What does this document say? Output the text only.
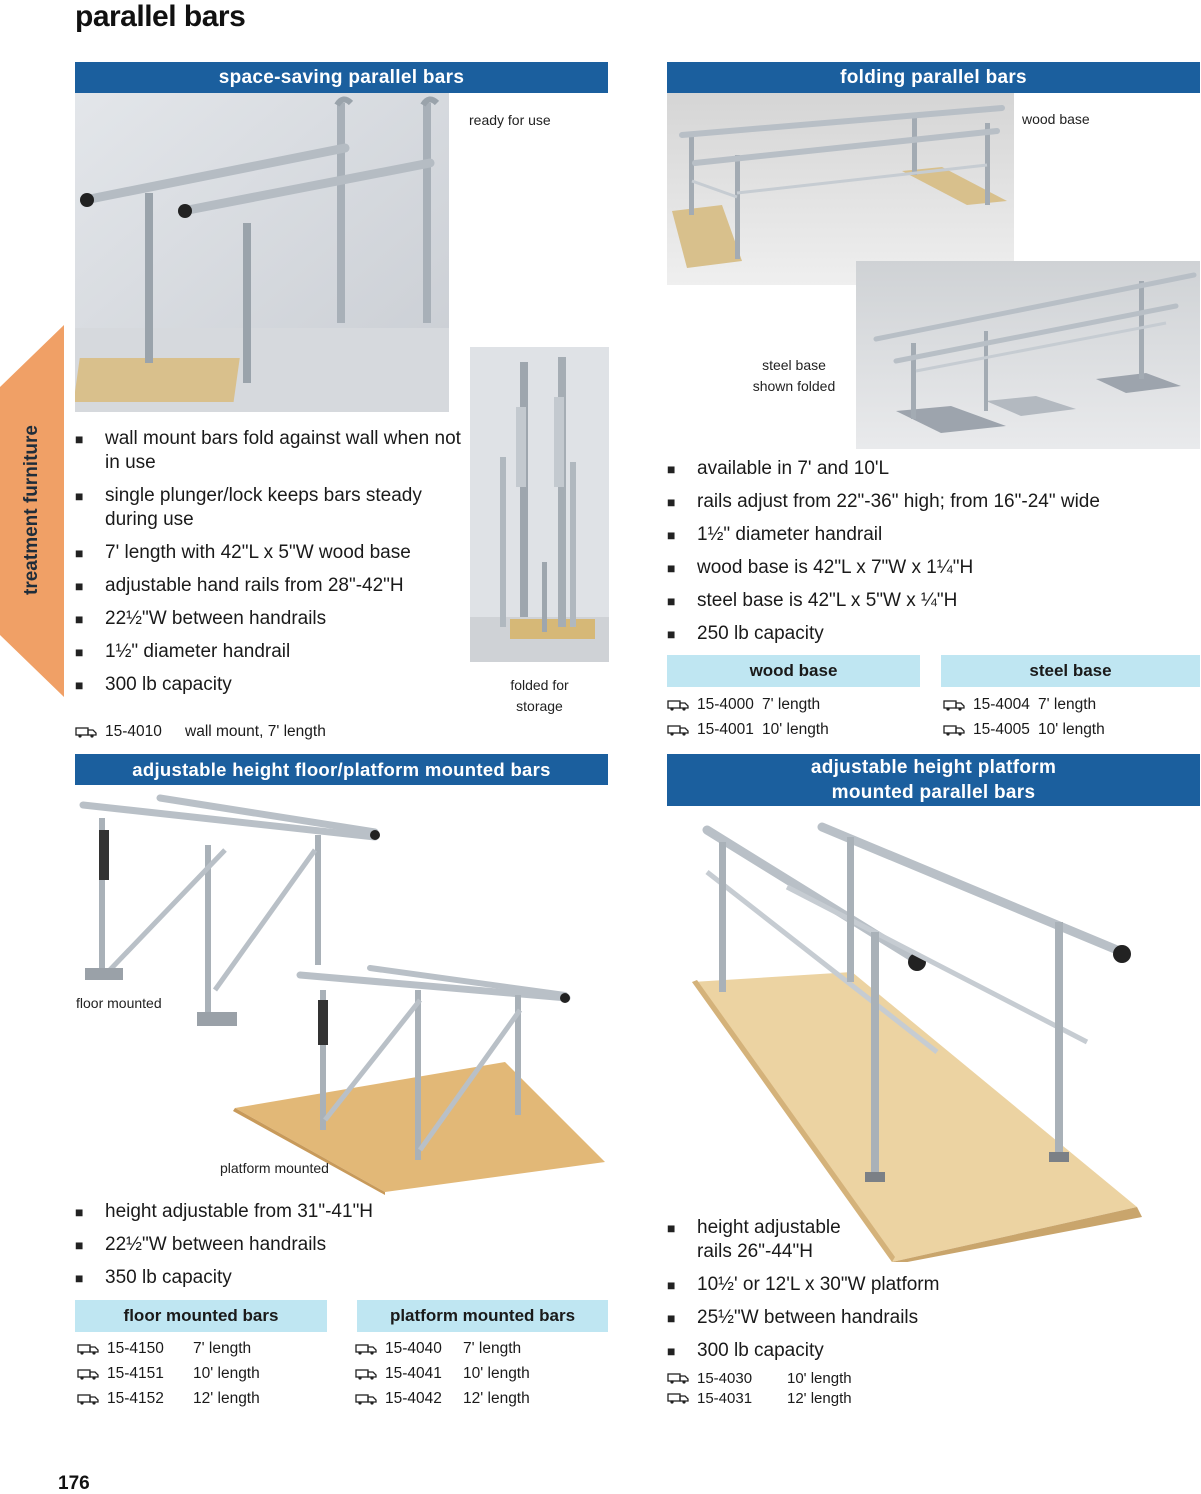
parallel bars
treatment furniture
space-saving parallel bars
ready for use
■ wall mount bars fold against wall when not in use
■ single plunger/lock keeps bars steady during use
■ 7' length with 42"L x 5"W wood base
■ adjustable hand rails from 28"-42"H
■ 22½"W between handrails
■ 1½" diameter handrail
■ 300 lb capacity	folded for
storage
15-4010	wall mount, 7' length
folding parallel bars
wood base
steel base
shown folded
■ available in 7' and 10'L
■ rails adjust from 22"-36" high; from 16"-24" wide
■ 1½" diameter handrail
■ wood base is 42"L x 7"W x 1¼"H
■ steel base is 42"L x 5"W x ¼"H
■ 250 lb capacity
wood base	steel base
15-4000 7' length
15-4001 10' length
15-4004 7' length
15-4005 10' length
adjustable height floor/platform mounted bars
floor mounted
platform mounted
■ height adjustable from 31"-41"H
■ 22½"W between handrails
■ 350 lb capacity
floor mounted bars	platform mounted bars
15-4150	7' length
15-4151	10' length
15-4152	12' length
15-4040	7' length
15-4041	10' length
15-4042	12' length
adjustable height platform
mounted parallel bars
■ height adjustable rails 26"-44"H
■ 10½' or 12'L x 30"W platform
■ 25½"W between handrails
■ 300 lb capacity
15-4030	10' length
15-4031	12' length
176
